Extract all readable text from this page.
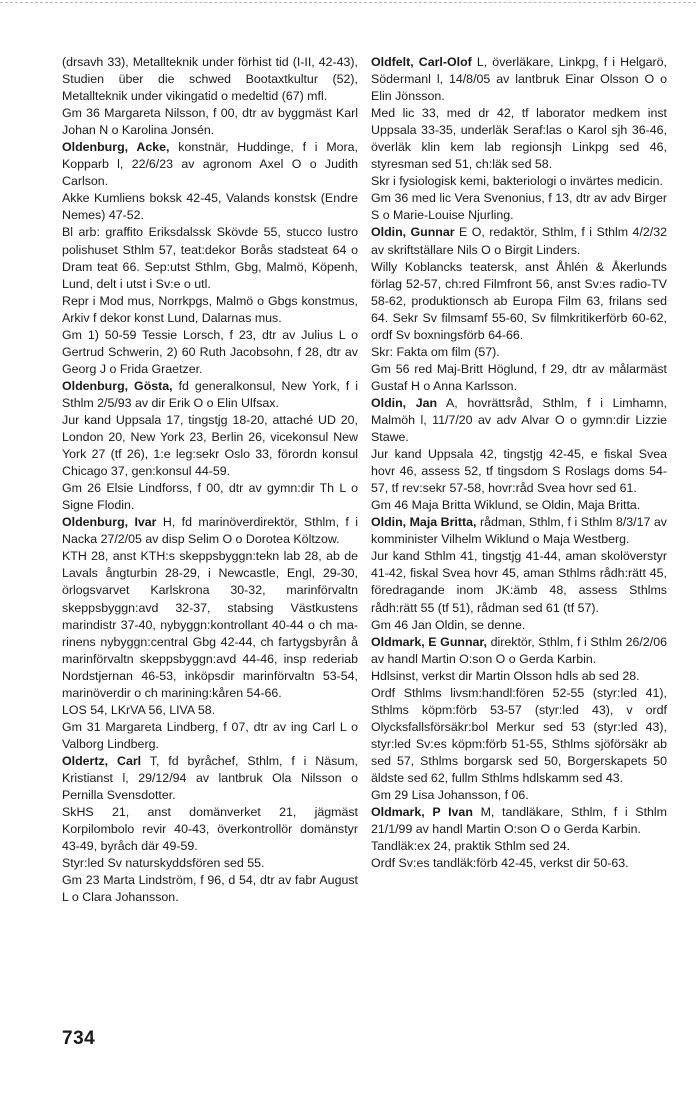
(drsavh 33), Metallteknik under förhist tid (I-II, 42-43), Studien über die schwed Bootaxtkultur (52), Metallteknik under vikingatid o medeltid (67) mfl.

Gm 36 Margareta Nilsson, f 00, dtr av byggmäst Karl Johan N o Karolina Jonsén.

Oldenburg, Acke, konstnär, Huddinge, f i Mora, Kopparb l, 22/6/23 av agronom Axel O o Judith Carlson.

Akke Kumliens boksk 42-45, Valands konstsk (Endre Nemes) 47-52.

Bl arb: graffito Eriksdalssk Skövde 55, stucco lustro polishuset Sthlm 57, teat:dekor Borås stadsteat 64 o Dram teat 66. Sep:utst Sthlm, Gbg, Malmö, Köpenh, Lund, delt i utst i Sv:e o utl.

Repr i Mod mus, Norrkpgs, Malmö o Gbgs konstmus, Arkiv f dekor konst Lund, Dalarnas mus.

Gm 1) 50-59 Tessie Lorsch, f 23, dtr av Julius L o Gertrud Schwerin, 2) 60 Ruth Jacobsohn, f 28, dtr av Georg J o Frida Graetzer.

Oldenburg, Gösta, fd generalkonsul, New York, f i Sthlm 2/5/93 av dir Erik O o Elin Ulfsax.

Jur kand Uppsala 17, tingstjg 18-20, attaché UD 20, London 20, New York 23, Berlin 26, vicekonsul New York 27 (tf 26), 1:e leg:sekr Oslo 33, förordn konsul Chicago 37, gen:konsul 44-59.

Gm 26 Elsie Lindforss, f 00, dtr av gymn:dir Th L o Signe Flodin.

Oldenburg, Ivar H, fd marinöverdirektör, Sthlm, f i Nacka 27/2/05 av disp Selim O o Dorotea Költzow.

KTH 28, anst KTH:s skeppsbyggn:tekn lab 28, ab de Lavals ångturbin 28-29, i Newcastle, Engl, 29-30, örlogsvarvet Karlskrona 30-32, marinförvaltn skeppsbyggn:avd 32-37, stabsing Västkustens marindistr 37-40, nybyggn:kontrollant 40-44 o ch marinens nybyggn:central Gbg 42-44, ch fartygsbyrån å marinförvaltn skeppsbyggn:avd 44-46, insp rederiab Nordstjernan 46-53, inköpsdir marinförvaltn 53-54, marinöverdir o ch marining:kåren 54-66.

LOS 54, LKrVA 56, LIVA 58.

Gm 31 Margareta Lindberg, f 07, dtr av ing Carl L o Valborg Lindberg.

Oldertz, Carl T, fd byråchef, Sthlm, f i Näsum, Kristianst l, 29/12/94 av lantbruk Ola Nilsson o Pernilla Svensdotter.

SkHS 21, anst domänverket 21, jägmäst Korpilombolo revir 40-43, överkontrollör domänstyr 43-49, byråch där 49-59.

Styr:led Sv naturskyddsfören sed 55.

Gm 23 Marta Lindström, f 96, d 54, dtr av fabr August L o Clara Johansson.

Oldfelt, Carl-Olof L, överläkare, Linkpg, f i Helgarö, Södermanl l, 14/8/05 av lantbruk Einar Olsson O o Elin Jönsson.

Med lic 33, med dr 42, tf laborator medkem inst Uppsala 33-35, underläk Seraf:las o Karol sjh 36-46, överläk klin kem lab regionsjh Linkpg sed 46, styresman sed 51, ch:läk sed 58.

Skr i fysiologisk kemi, bakteriologi o invärtes medicin.

Gm 36 med lic Vera Svenonius, f 13, dtr av adv Birger S o Marie-Louise Njurling.

Oldin, Gunnar E O, redaktör, Sthlm, f i Sthlm 4/2/32 av skriftställare Nils O o Birgit Linders.

Willy Koblancks teatersk, anst Åhlén & Åkerlunds förlag 52-57, ch:red Filmfront 56, anst Sv:es radio-TV 58-62, produktionsch ab Europa Film 63, frilans sed 64. Sekr Sv filmsamf 55-60, Sv filmkritikerförb 60-62, ordf Sv boxningsförb 64-66.

Skr: Fakta om film (57).

Gm 56 red Maj-Britt Höglund, f 29, dtr av målarmäst Gustaf H o Anna Karlsson.

Oldin, Jan A, hovrättsråd, Sthlm, f i Limhamn, Malmöh l, 11/7/20 av adv Alvar O o gymn:dir Lizzie Stawe.

Jur kand Uppsala 42, tingstjg 42-45, e fiskal Svea hovr 46, assess 52, tf tingsdom S Roslags doms 54-57, tf rev:sekr 57-58, hovr:råd Svea hovr sed 61.

Gm 46 Maja Britta Wiklund, se Oldin, Maja Britta.

Oldin, Maja Britta, rådman, Sthlm, f i Sthlm 8/3/17 av komminister Vilhelm Wiklund o Maja Westberg.

Jur kand Sthlm 41, tingstjg 41-44, aman skolöverstyr 41-42, fiskal Svea hovr 45, aman Sthlms rådh:rätt 45, föredragande inom JK:ämb 48, assess Sthlms rådh:rätt 55 (tf 51), rådman sed 61 (tf 57).

Gm 46 Jan Oldin, se denne.

Oldmark, E Gunnar, direktör, Sthlm, f i Sthlm 26/2/06 av handl Martin O:son O o Gerda Karbin.

Hdlsinst, verkst dir Martin Olsson hdls ab sed 28.

Ordf Sthlms livsm:handl:fören 52-55 (styr:led 41), Sthlms köpm:förb 53-57 (styr:led 43), v ordf Olycksfallsförsäkr:bol Merkur sed 53 (styr:led 43), styr:led Sv:es köpm:förb 51-55, Sthlms sjöförsäkr ab sed 57, Sthlms borgarsk sed 50, Borgerskapets 50 äldste sed 62, fullm Sthlms hdlskamm sed 43.

Gm 29 Lisa Johansson, f 06.

Oldmark, P Ivan M, tandläkare, Sthlm, f i Sthlm 21/1/99 av handl Martin O:son O o Gerda Karbin.

Tandläk:ex 24, praktik Sthlm sed 24.

Ordf Sv:es tandläk:förb 42-45, verkst dir 50-63.

734
